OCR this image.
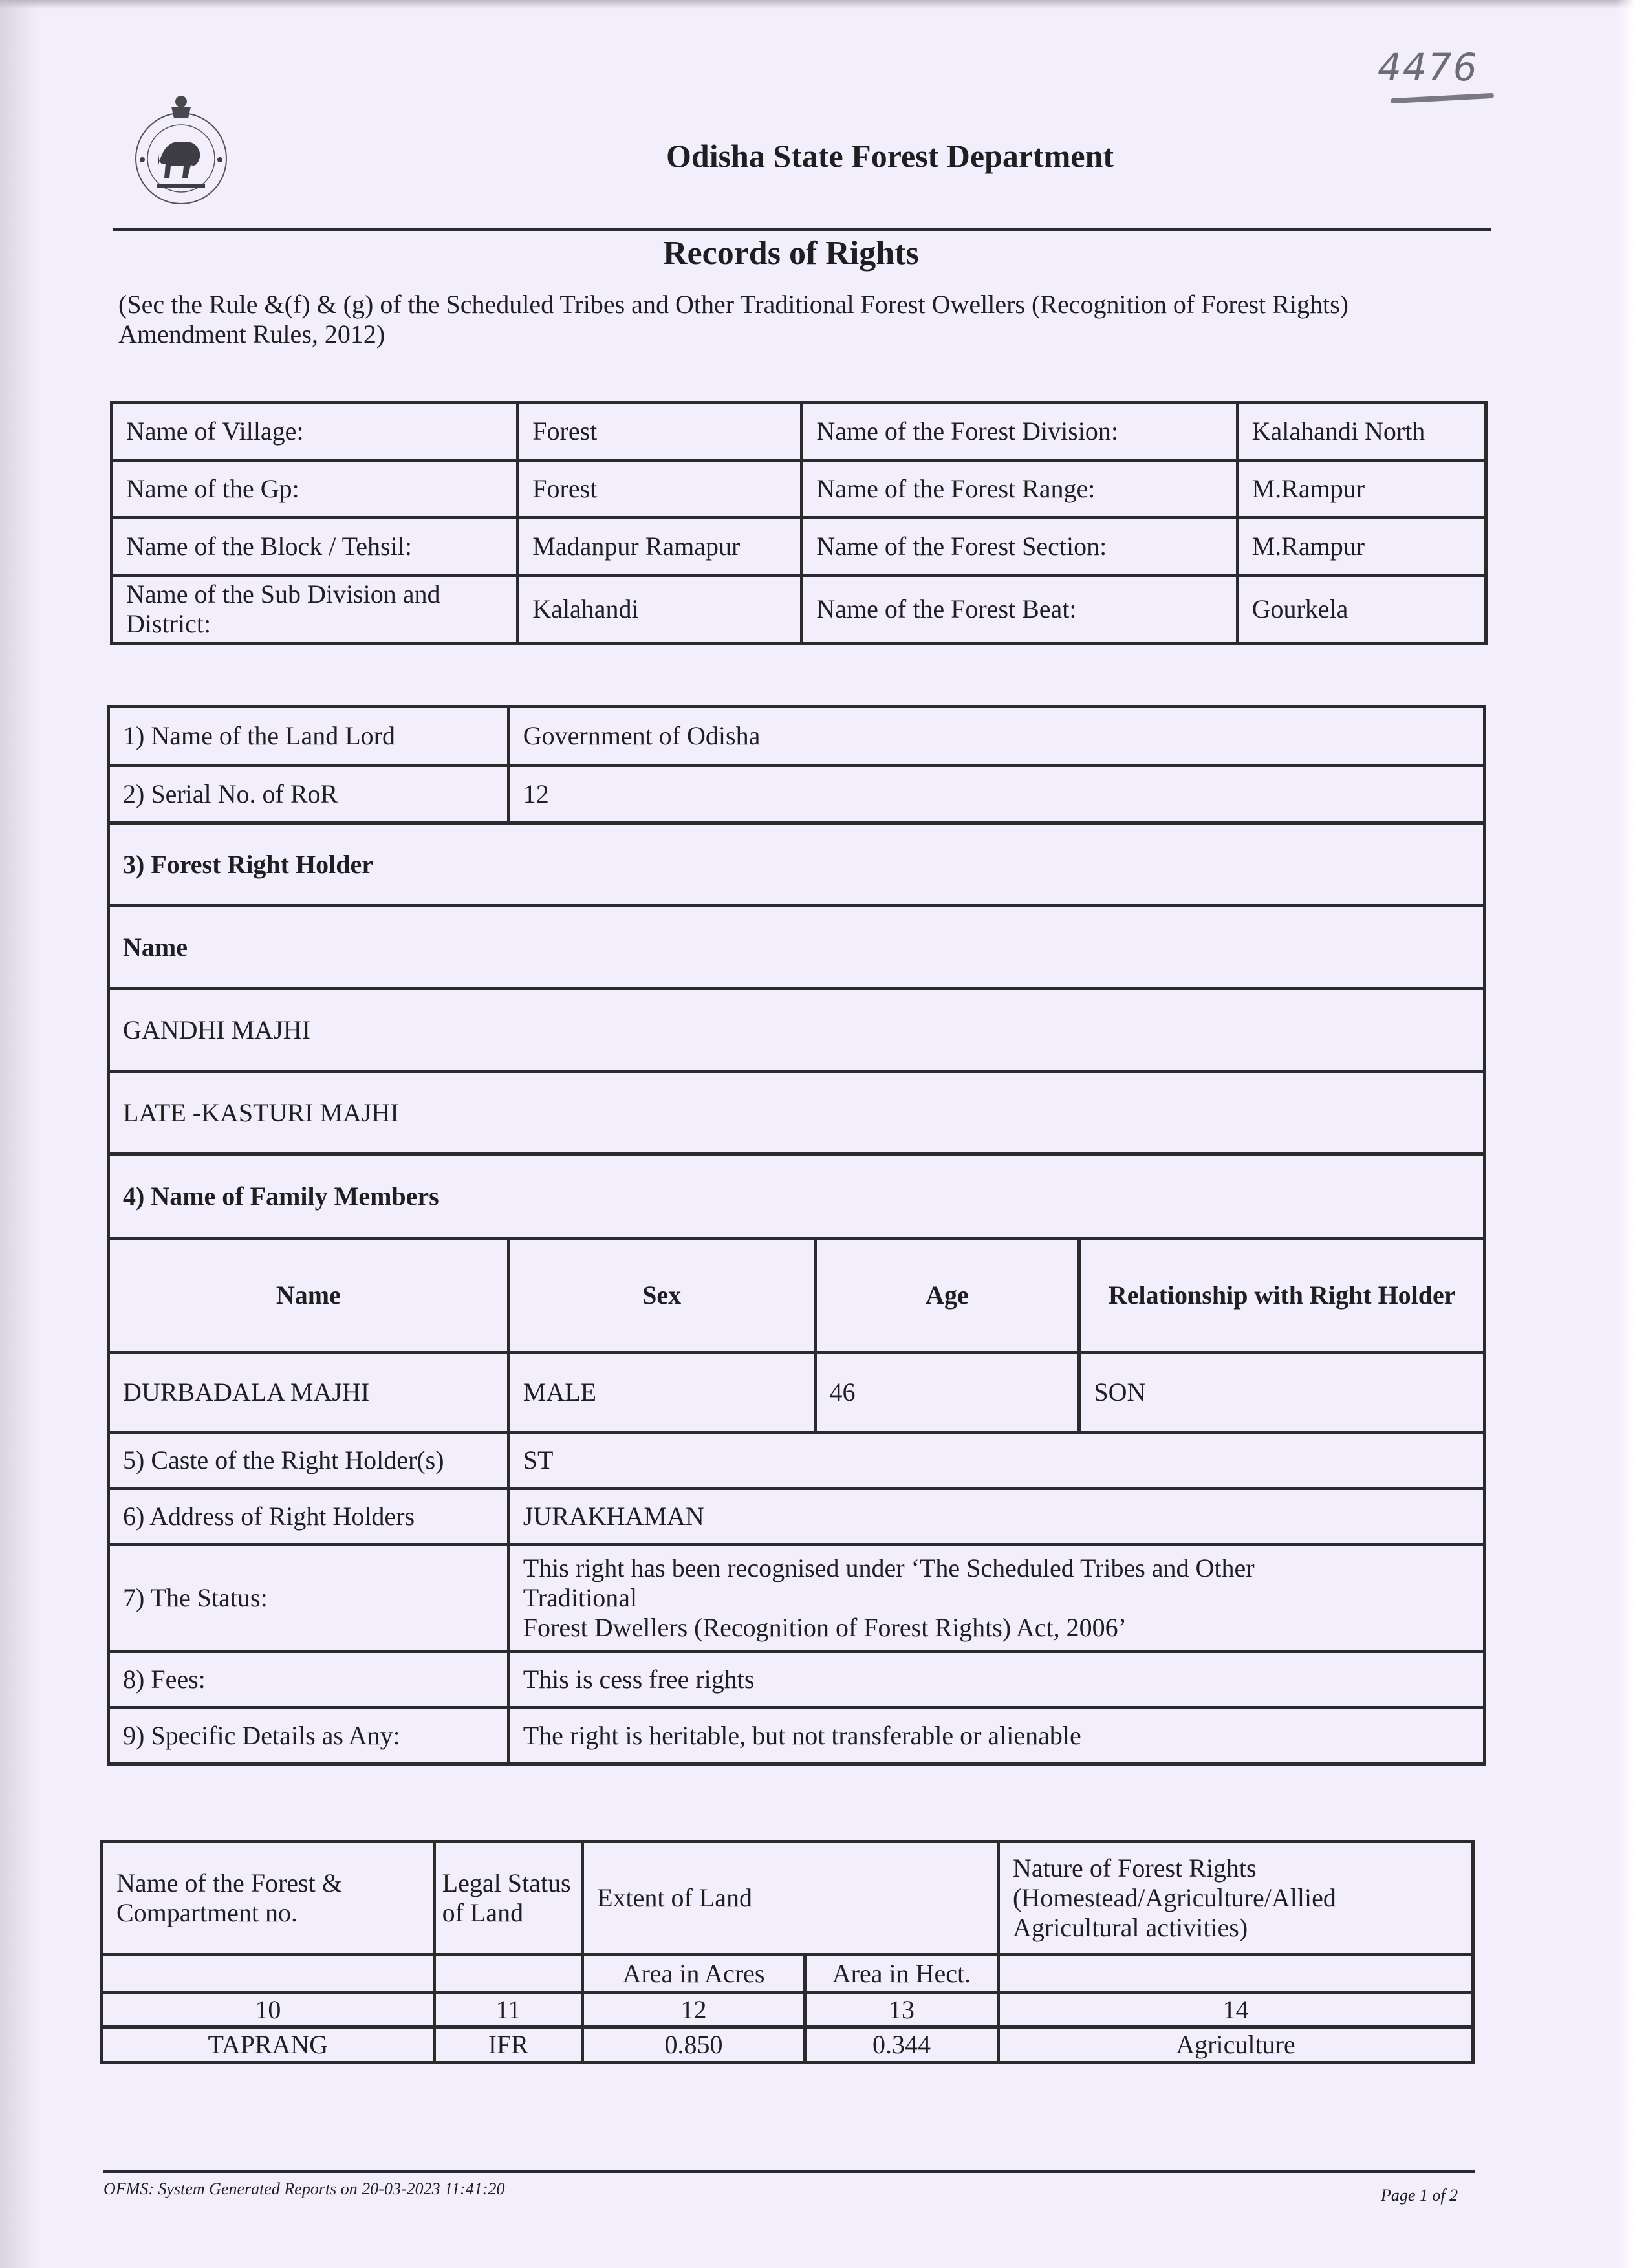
4476
Odisha State Forest Department
Records of Rights
(Sec the Rule &(f) & (g) of the Scheduled Tribes and Other Traditional Forest Owellers (Recognition of Forest Rights) Amendment Rules, 2012)
Name of Village:	Forest	Name of the Forest Division:	Kalahandi North
Name of the Gp:	Forest	Name of the Forest Range:	M.Rampur
Name of the Block / Tehsil:	Madanpur Ramapur	Name of the Forest Section:	M.Rampur
Name of the Sub Division and District:	Kalahandi	Name of the Forest Beat:	Gourkela
1) Name of the Land Lord	Government of Odisha		
2) Serial No. of RoR	12		
3) Forest Right Holder			
Name			
GANDHI MAJHI			
LATE -KASTURI MAJHI			
4) Name of Family Members			
Name	Sex	Age	Relationship with Right Holder
DURBADALA MAJHI	MALE	46	SON
5) Caste of the Right Holder(s)	ST		
6) Address of Right Holders	JURAKHAMAN		
7) The Status:	This right has been recognised under ‘The Scheduled Tribes and Other
Traditional
Forest Dwellers (Recognition of Forest Rights) Act, 2006’		

8) Fees:	This is cess free rights		
9) Specific Details as Any:	The right is heritable, but not transferable or alienable		
Name of the Forest & Compartment no.	Legal Status of Land	Extent of Land		Nature of Forest Rights (Homestead/Agriculture/Allied Agricultural activities)
		Area in Acres	Area in Hect.	
10	11	12	13	14
TAPRANG	IFR	0.850	0.344	Agriculture
OFMS: System Generated Reports on 20-03-2023 11:41:20	Page 1 of 2
